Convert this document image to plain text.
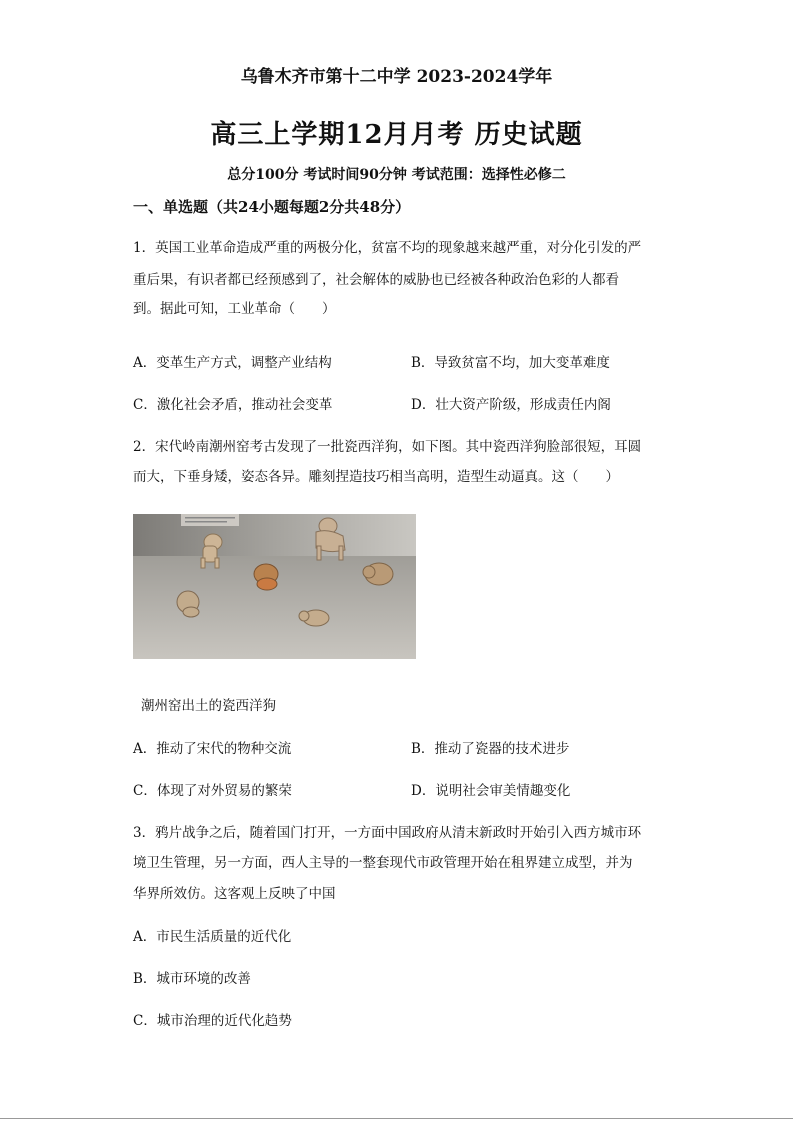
乌鲁木齐市第十二中学 2023-2024学年
高三上学期12月月考 历史试题
总分100分 考试时间90分钟 考试范围：选择性必修二
一、单选题（共24小题每题2分共48分）
1．英国工业革命造成严重的两极分化，贫富不均的现象越来越严重，对分化引发的严
重后果，有识者都已经预感到了，社会解体的威胁也已经被各种政治色彩的人都看
到。据此可知，工业革命（　　）
A．变革生产方式，调整产业结构	B．导致贫富不均，加大变革难度
C．激化社会矛盾，推动社会变革	D．壮大资产阶级，形成责任内阁
2．宋代岭南潮州窑考古发现了一批瓷西洋狗，如下图。其中瓷西洋狗脸部很短，耳圆
而大，下垂身矮，姿态各异。雕刻捏造技巧相当高明，造型生动逼真。这（　　）
潮州窑出土的瓷西洋狗
A．推动了宋代的物种交流	B．推动了瓷器的技术进步
C．体现了对外贸易的繁荣	D．说明社会审美情趣变化
3．鸦片战争之后，随着国门打开，一方面中国政府从清末新政时开始引入西方城市环
境卫生管理，另一方面，西人主导的一整套现代市政管理开始在租界建立成型，并为
华界所效仿。这客观上反映了中国
A．市民生活质量的近代化
B．城市环境的改善
C．城市治理的近代化趋势
